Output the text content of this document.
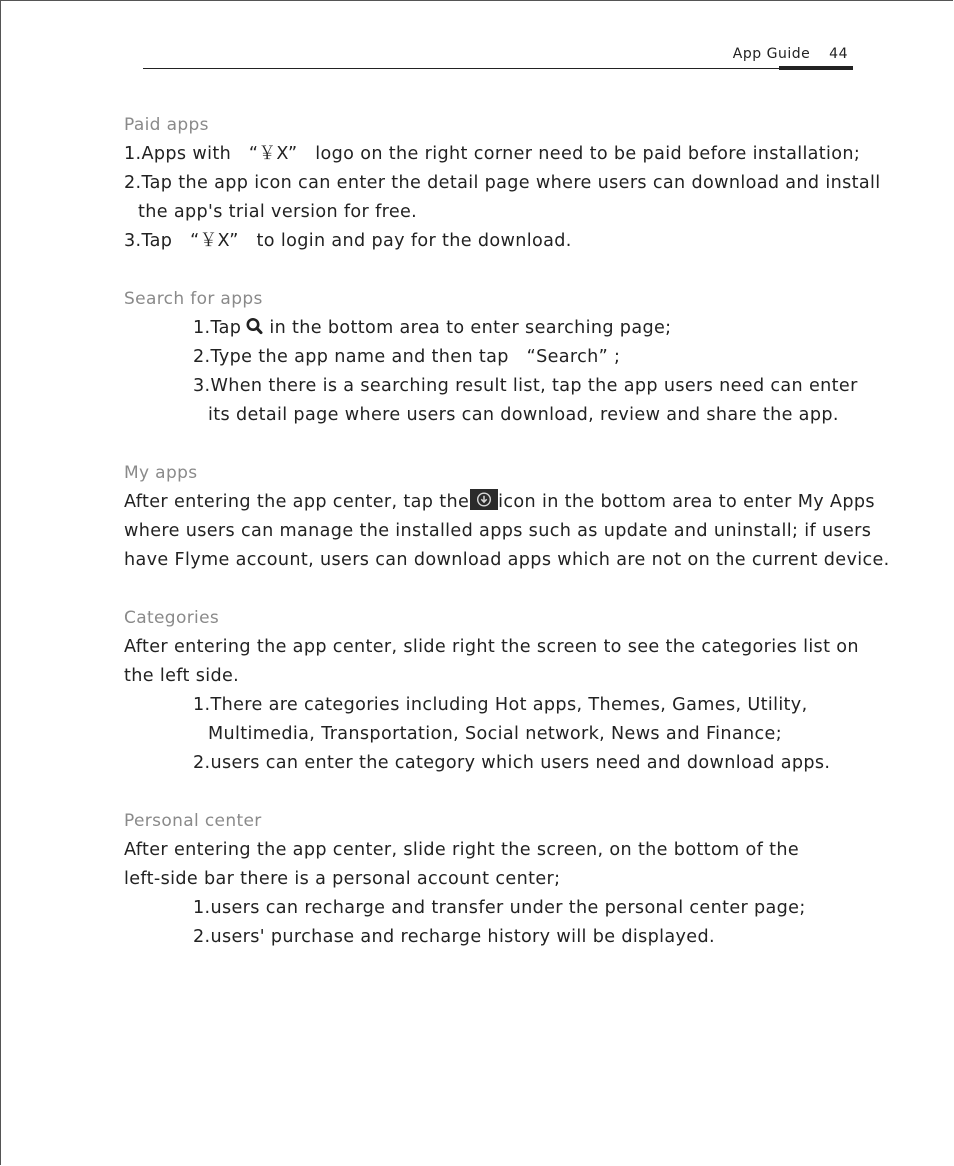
App Guide 44
Paid apps
1.Apps with   “￥X”   logo on the right corner need to be paid before installation;
2.Tap the app icon can enter the detail page where users can download and install
the app's trial version for free.
3.Tap   “￥X”   to login and pay for the download.
Search for apps
1.Tap in the bottom area to enter searching page;
2.Type the app name and then tap   “Search” ;
3.When there is a searching result list, tap the app users need can enter
its detail page where users can download, review and share the app.
My apps
After entering the app center, tap the icon in the bottom area to enter My Apps
where users can manage the installed apps such as update and uninstall; if users
have Flyme account, users can download apps which are not on the current device.
Categories
After entering the app center, slide right the screen to see the categories list on
the left side.
1.There are categories including Hot apps, Themes, Games, Utility,
Multimedia, Transportation, Social network, News and Finance;
2.users can enter the category which users need and download apps.
Personal center
After entering the app center, slide right the screen, on the bottom of the
left-side bar there is a personal account center;
1.users can recharge and transfer under the personal center page;
2.users' purchase and recharge history will be displayed.
